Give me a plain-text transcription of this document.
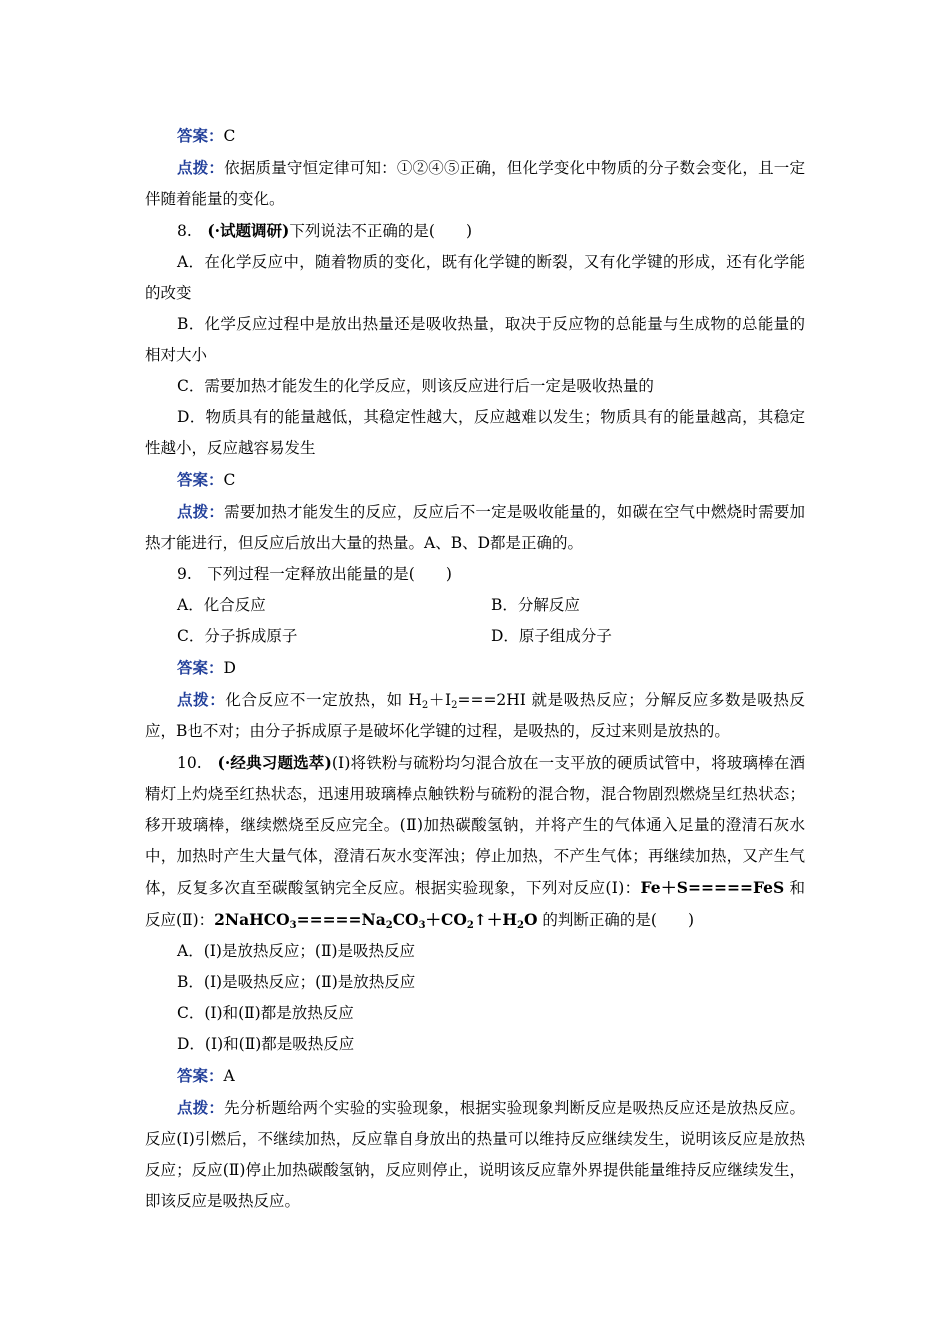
答案：C

点拨：依据质量守恒定律可知：①②④⑤正确，但化学变化中物质的分子数会变化，且一定伴随着能量的变化。

8.　 (·试题调研)下列说法不正确的是(　　)

A．在化学反应中，随着物质的变化，既有化学键的断裂，又有化学键的形成，还有化学能的改变

B．化学反应过程中是放出热量还是吸收热量，取决于反应物的总能量与生成物的总能量的相对大小

C．需要加热才能发生的化学反应，则该反应进行后一定是吸收热量的

D．物质具有的能量越低，其稳定性越大，反应越难以发生；物质具有的能量越高，其稳定性越小，反应越容易发生

答案：C

点拨：需要加热才能发生的反应，反应后不一定是吸收能量的，如碳在空气中燃烧时需要加热才能进行，但反应后放出大量的热量。A、B、D都是正确的。

9.　下列过程一定释放出能量的是(　　)

A．化合反应	B．分解反应
C．分子拆成原子	D．原子组成分子

答案：D

点拨：化合反应不一定放热，如 $H_2+I_2===2HI$ 就是吸热反应；分解反应多数是吸热反应，B也不对；由分子拆成原子是破坏化学键的过程，是吸热的，反过来则是放热的。

10.　 (·经典习题选萃)(Ⅰ)将铁粉与硫粉均匀混合放在一支平放的硬质试管中，将玻璃棒在酒精灯上灼烧至红热状态，迅速用玻璃棒点触铁粉与硫粉的混合物，混合物剧烈燃烧呈红热状态；移开玻璃棒，继续燃烧至反应完全。(Ⅱ)加热碳酸氢钠，并将产生的气体通入足量的澄清石灰水中，加热时产生大量气体，澄清石灰水变浑浊；停止加热，不产生气体；再继续加热，又产生气体，反复多次直至碳酸氢钠完全反应。根据实验现象，下列对反应(Ⅰ)：Fe＋S=====FeS 和反应(Ⅱ)：$2NaHCO_3=====Na_2CO_3+CO_2↑+H_2O$ 的判断正确的是(　　)

A．(Ⅰ)是放热反应；(Ⅱ)是吸热反应

B．(Ⅰ)是吸热反应；(Ⅱ)是放热反应

C．(Ⅰ)和(Ⅱ)都是放热反应

D．(Ⅰ)和(Ⅱ)都是吸热反应

答案：A

点拨：先分析题给两个实验的实验现象，根据实验现象判断反应是吸热反应还是放热反应。反应(Ⅰ)引燃后，不继续加热，反应靠自身放出的热量可以维持反应继续发生，说明该反应是放热反应；反应(Ⅱ)停止加热碳酸氢钠，反应则停止，说明该反应靠外界提供能量维持反应继续发生，即该反应是吸热反应。
